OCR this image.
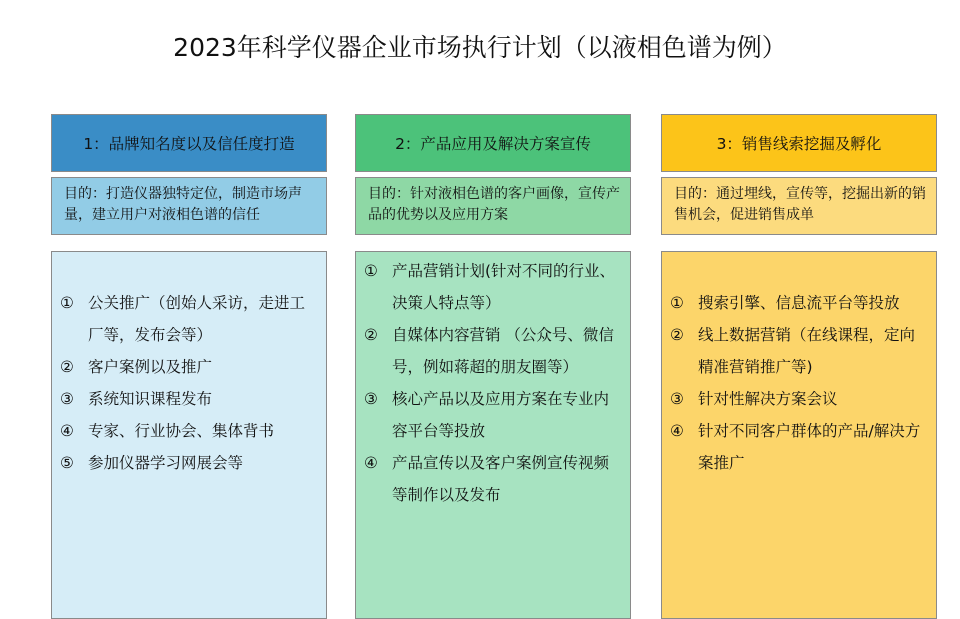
2023年科学仪器企业市场执行计划（以液相色谱为例）
1：品牌知名度以及信任度打造
目的：打造仪器独特定位，制造市场声量，建立用户对液相色谱的信任
① 公关推广（创始人采访，走进工厂等，发布会等）
② 客户案例以及推广
③ 系统知识课程发布
④ 专家、行业协会、集体背书
⑤ 参加仪器学习网展会等
2：产品应用及解决方案宣传
目的：针对液相色谱的客户画像，宣传产品的优势以及应用方案
① 产品营销计划(针对不同的行业、决策人特点等）
② 自媒体内容营销 （公众号、微信号，例如蒋超的朋友圈等）
③ 核心产品以及应用方案在专业内容平台等投放
④ 产品宣传以及客户案例宣传视频等制作以及发布
3：销售线索挖掘及孵化
目的：通过埋线，宣传等，挖掘出新的销售机会，促进销售成单
① 搜索引擎、信息流平台等投放
② 线上数据营销（在线课程，定向精准营销推广等)
③ 针对性解决方案会议
④ 针对不同客户群体的产品/解决方案推广
